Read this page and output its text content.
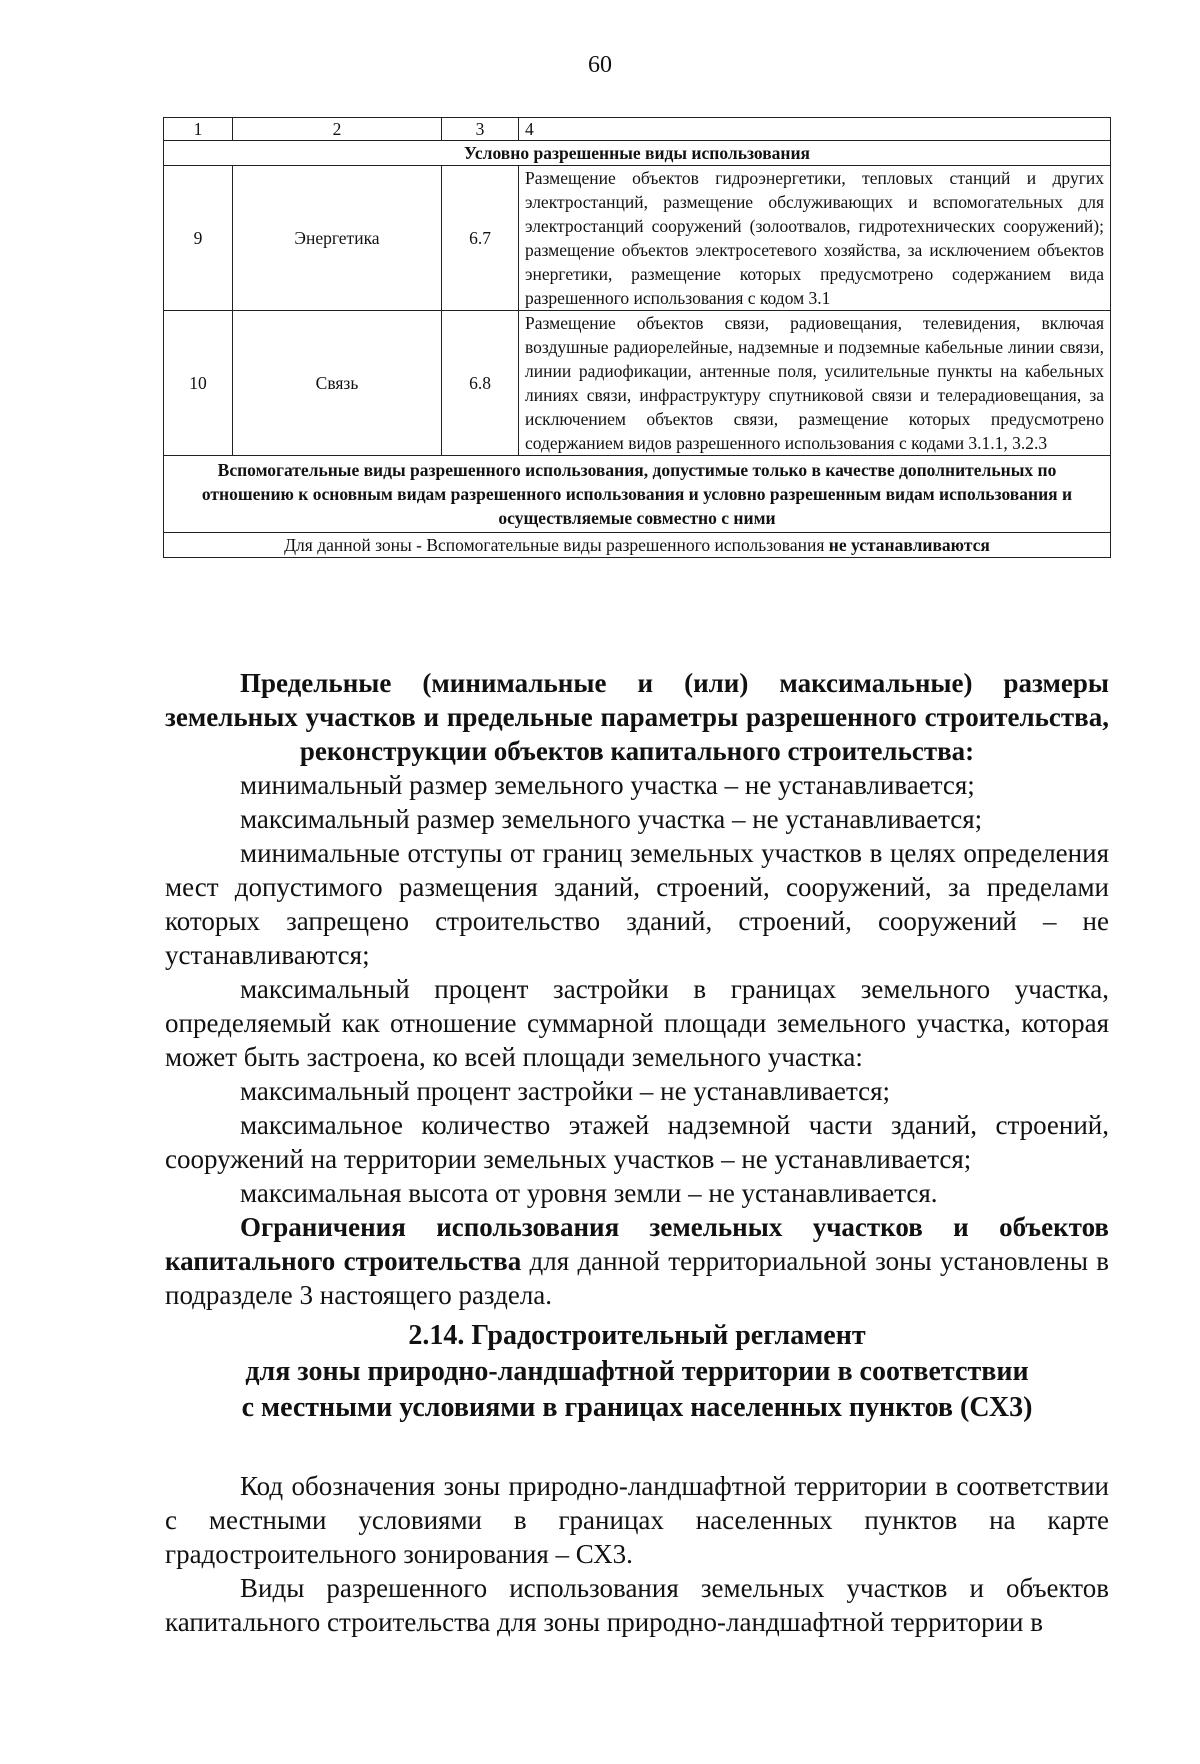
60
1	2	3	4
Условно разрешенные виды использования			
9	Энергетика	6.7	Размещение объектов гидроэнергетики, тепловых станций и других электростанций, размещение обслуживающих и вспомогательных для электростанций сооружений (золоотвалов, гидротехнических сооружений); размещение объектов электросетевого хозяйства, за исключением объектов энергетики, размещение которых предусмотрено содержанием вида разрешенного использования с кодом 3.1
10	Связь	6.8	Размещение объектов связи, радиовещания, телевидения, включая воздушные радиорелейные, надземные и подземные кабельные линии связи, линии радиофикации, антенные поля, усилительные пункты на кабельных линиях связи, инфраструктуру спутниковой связи и телерадиовещания, за исключением объектов связи, размещение которых предусмотрено содержанием видов разрешенного использования с кодами 3.1.1, 3.2.3
Вспомогательные виды разрешенного использования, допустимые только в качестве дополнительных по отношению к основным видам разрешенного использования и условно разрешенным видам использования и осуществляемые совместно с ними			
Для данной зоны - Вспомогательные виды разрешенного использования не устанавливаются			

Предельные (минимальные и (или) максимальные) размеры земельных участков и предельные параметры разрешенного строительства, реконструкции объектов капитального строительства:

минимальный размер земельного участка – не устанавливается;

максимальный размер земельного участка – не устанавливается;

минимальные отступы от границ земельных участков в целях определения мест допустимого размещения зданий, строений, сооружений, за пределами которых запрещено строительство зданий, строений, сооружений – не устанавливаются;

максимальный процент застройки в границах земельного участка, определяемый как отношение суммарной площади земельного участка, которая может быть застроена, ко всей площади земельного участка:

максимальный процент застройки – не устанавливается;

максимальное количество этажей надземной части зданий, строений, сооружений на территории земельных участков – не устанавливается;

максимальная высота от уровня земли – не устанавливается.

Ограничения использования земельных участков и объектов капитального строительства для данной территориальной зоны установлены в подразделе 3 настоящего раздела.

2.14. Градостроительный регламент
для зоны природно-ландшафтной территории в соответствии
с местными условиями в границах населенных пунктов (СХ3)

Код обозначения зоны природно-ландшафтной территории в соответствии с местными условиями в границах населенных пунктов на карте градостроительного зонирования – СХ3.

Виды разрешенного использования земельных участков и объектов капитального строительства для зоны природно-ландшафтной территории в
